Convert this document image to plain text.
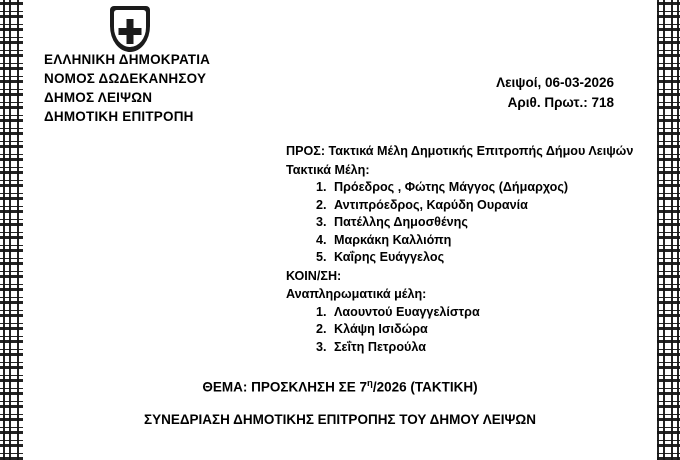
ΕΛΛΗΝΙΚΗ ΔΗΜΟΚΡΑΤΙΑ
ΝΟΜΟΣ ΔΩΔΕΚΑΝΗΣΟΥ
ΔΗΜΟΣ ΛΕΙΨΩΝ
ΔΗΜΟΤΙΚΗ ΕΠΙΤΡΟΠΗ
Λειψοί, 06-03-2026
Αριθ. Πρωτ.: 718
ΠΡΟΣ: Τακτικά Μέλη Δημοτικής Επιτροπής Δήμου Λειψών
Τακτικά Μέλη:
1. Πρόεδρος , Φώτης Μάγγος (Δήμαρχος)
2. Αντιπρόεδρος, Καρύδη Ουρανία
3. Πατέλλης Δημοσθένης
4. Μαρκάκη Καλλιόπη
5. Καΐρης Ευάγγελος
ΚΟΙΝ/ΣΗ:
Αναπληρωματικά μέλη:
1. Λαουντού Ευαγγελίστρα
2. Κλάψη Ισιδώρα
3. Σεΐτη Πετρούλα
ΘΕΜΑ: ΠΡΟΣΚΛΗΣΗ ΣΕ $7^\eta/2026$ (ΤΑΚΤΙΚΗ)
ΣΥΝΕΔΡΙΑΣΗ ΔΗΜΟΤΙΚΗΣ ΕΠΙΤΡΟΠΗΣ ΤΟΥ ΔΗΜΟΥ ΛΕΙΨΩΝ
